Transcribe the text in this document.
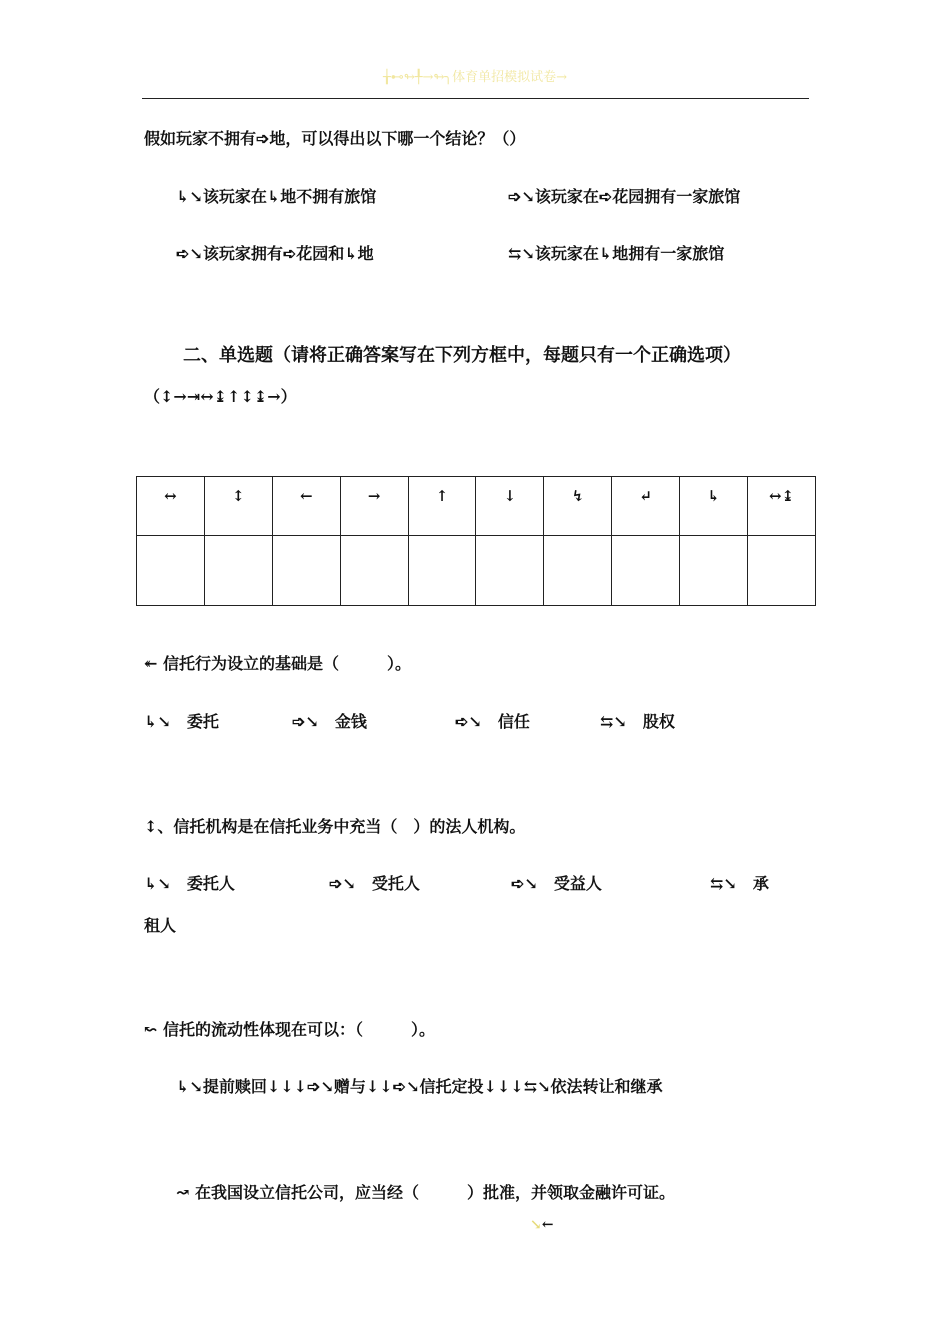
╁⊷↬╀→↬╮体育单招模拟试卷→
假如玩家不拥有➩地，可以得出以下哪一个结论？（）
↳↘该玩家在↳地不拥有旅馆	➩↘该玩家在➪花园拥有一家旅馆
➪↘该玩家拥有➪花园和↳地	⇆↘该玩家在↳地拥有一家旅馆
二、单选题（请将正确答案写在下列方框中，每题只有一个正确选项）
（↕→⇥↔↨↑↕↨→）
↔	↕	←	→	↑	↓	↯	↵	↳	↔↨

↞ 信托行为设立的基础是（　　　）。
↳↘ 委托	➩↘ 金钱	➪↘ 信任	⇆↘ 股权
↕、信托机构是在信托业务中充当（　）的法人机构。
↳↘ 委托人	➩↘ 受托人	➪↘ 受益人	⇆↘ 承
租人
↜ 信托的流动性体现在可以：（　　　）。
↳↘提前赎回↓↓↓➩↘赠与↓↓➪↘信托定投↓↓↓⇆↘依法转让和继承
↝ 在我国设立信托公司，应当经（　　　）批准，并领取金融许可证。
↘←
